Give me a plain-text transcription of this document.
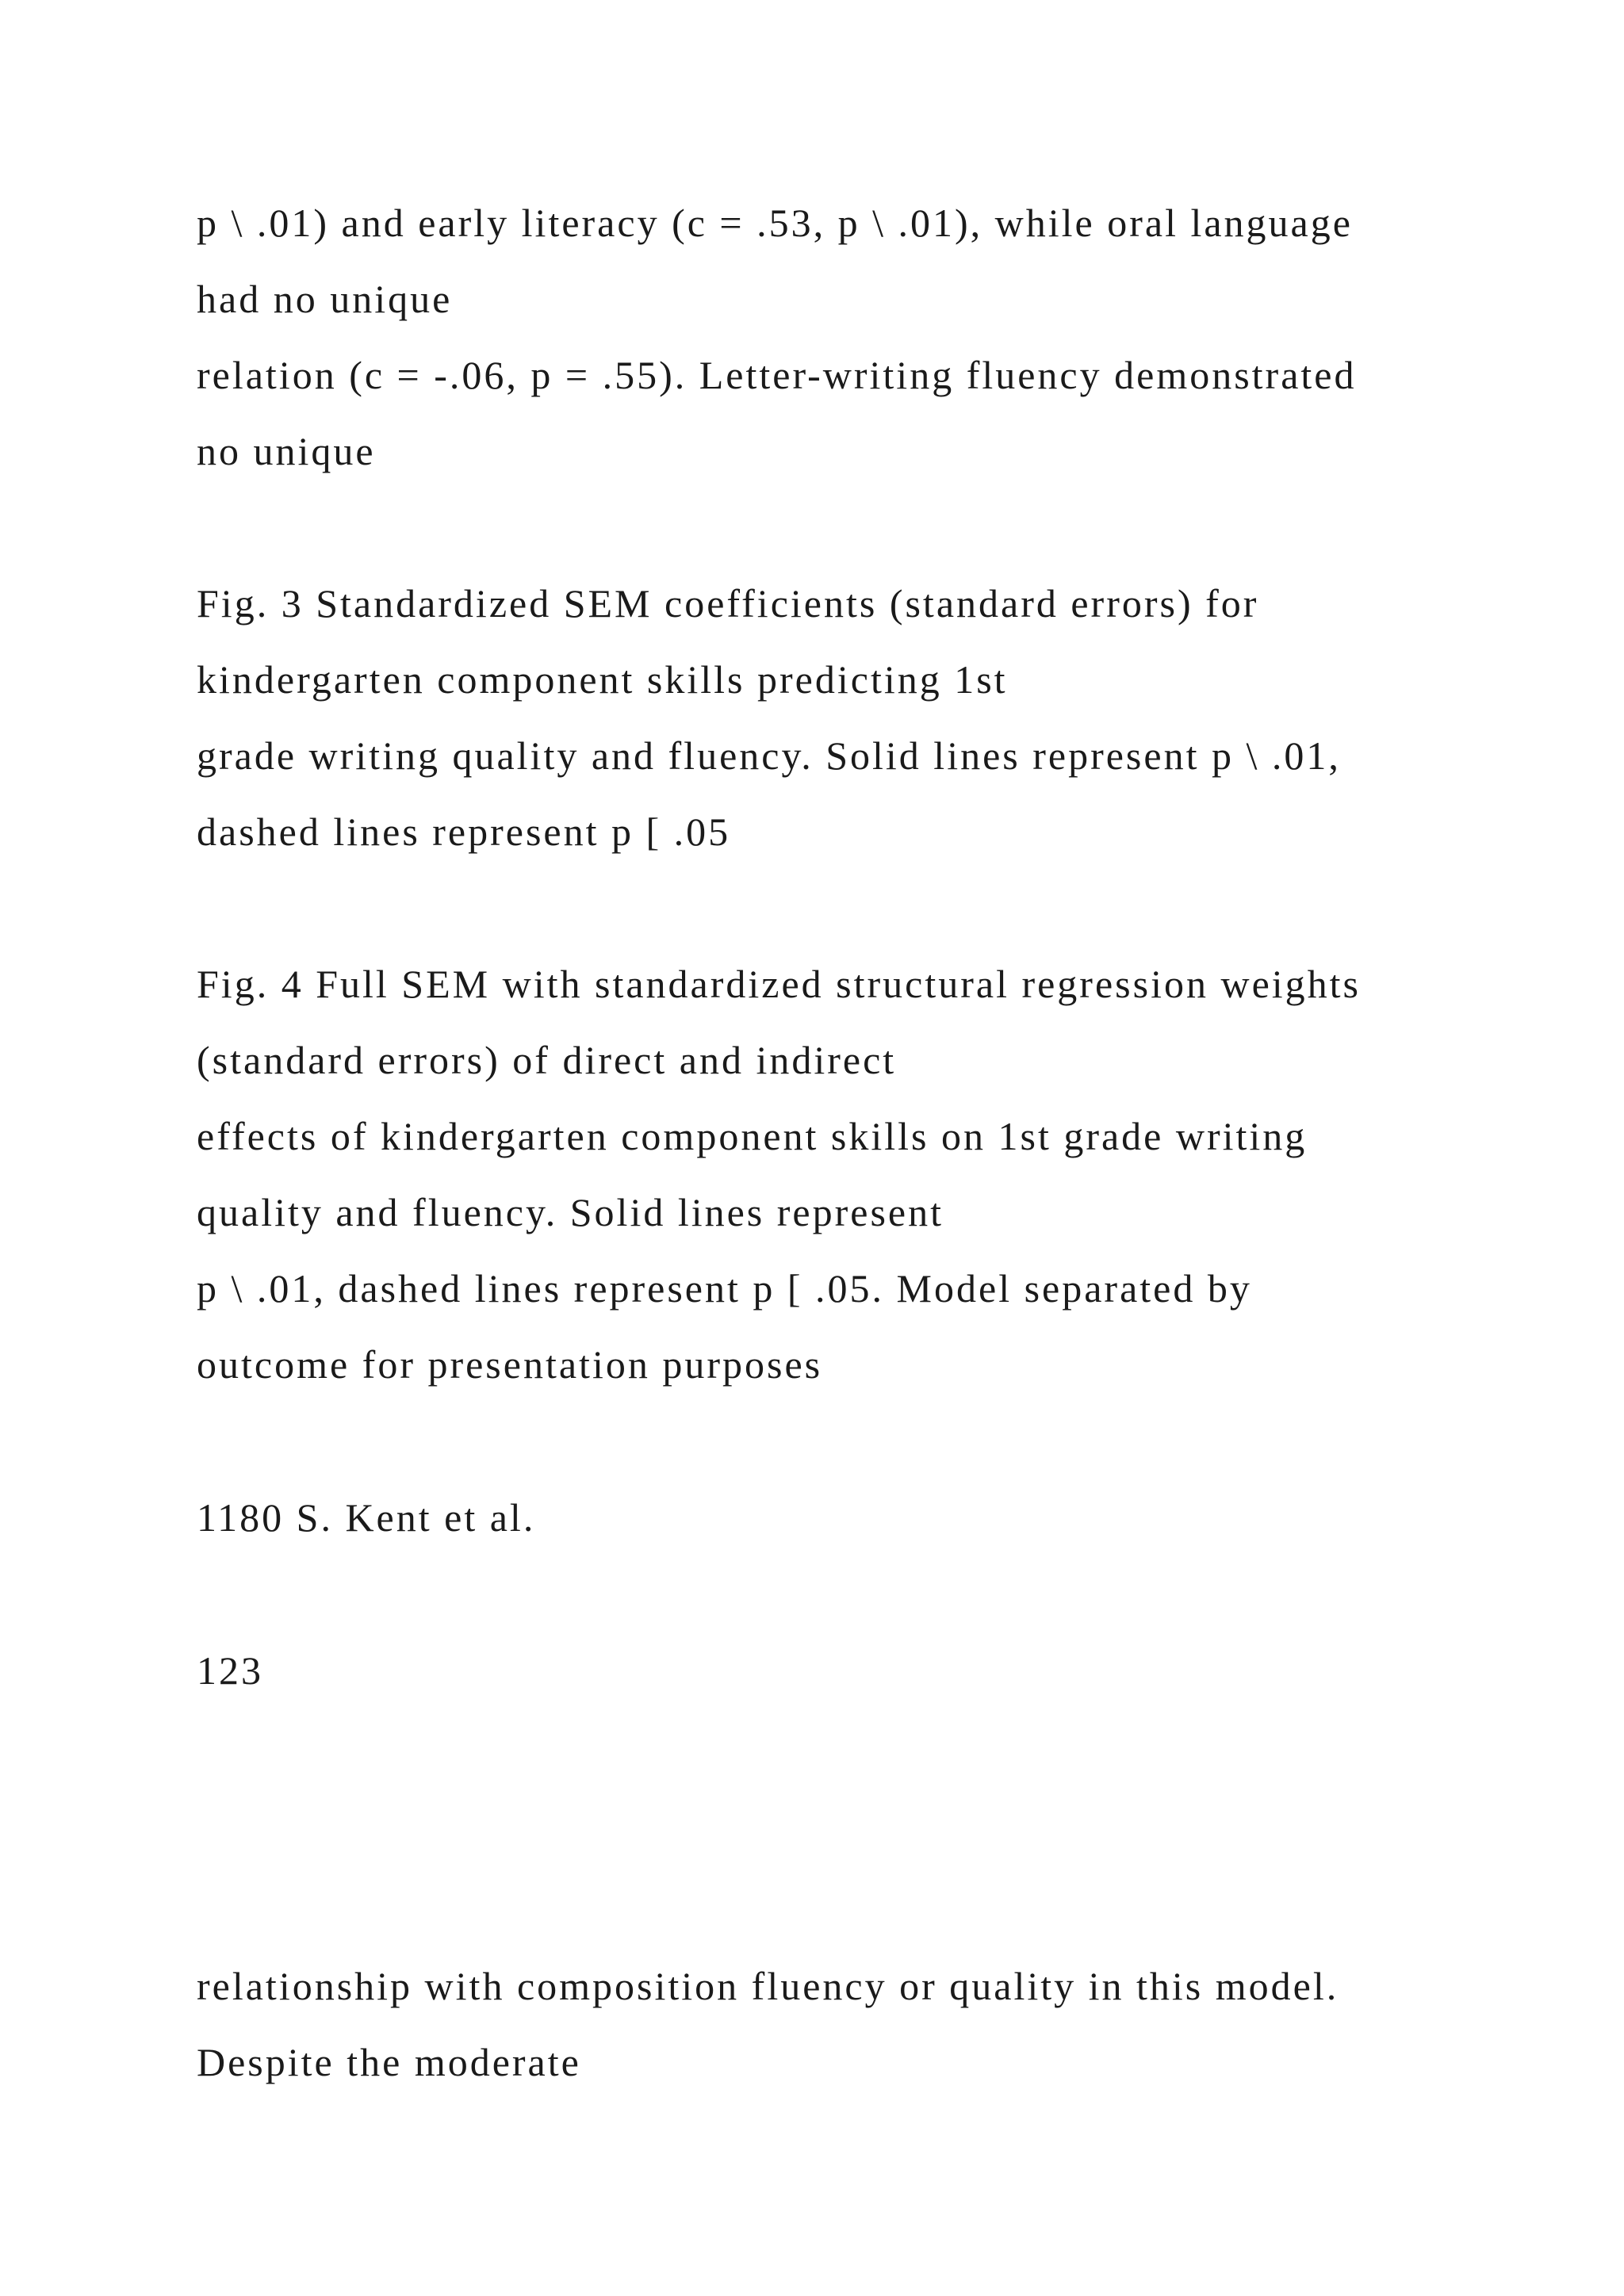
p \ .01) and early literacy (c = .53, p \ .01), while oral language
had no unique
relation (c = -.06, p = .55). Letter-writing fluency demonstrated
no unique
Fig. 3 Standardized SEM coefficients (standard errors) for
kindergarten component skills predicting 1st
grade writing quality and fluency. Solid lines represent p \ .01,
dashed lines represent p [ .05
Fig. 4 Full SEM with standardized structural regression weights
(standard errors) of direct and indirect
effects of kindergarten component skills on 1st grade writing
quality and fluency. Solid lines represent
p \ .01, dashed lines represent p [ .05. Model separated by
outcome for presentation purposes
1180 S. Kent et al.
123
relationship with composition fluency or quality in this model.
Despite the moderate
